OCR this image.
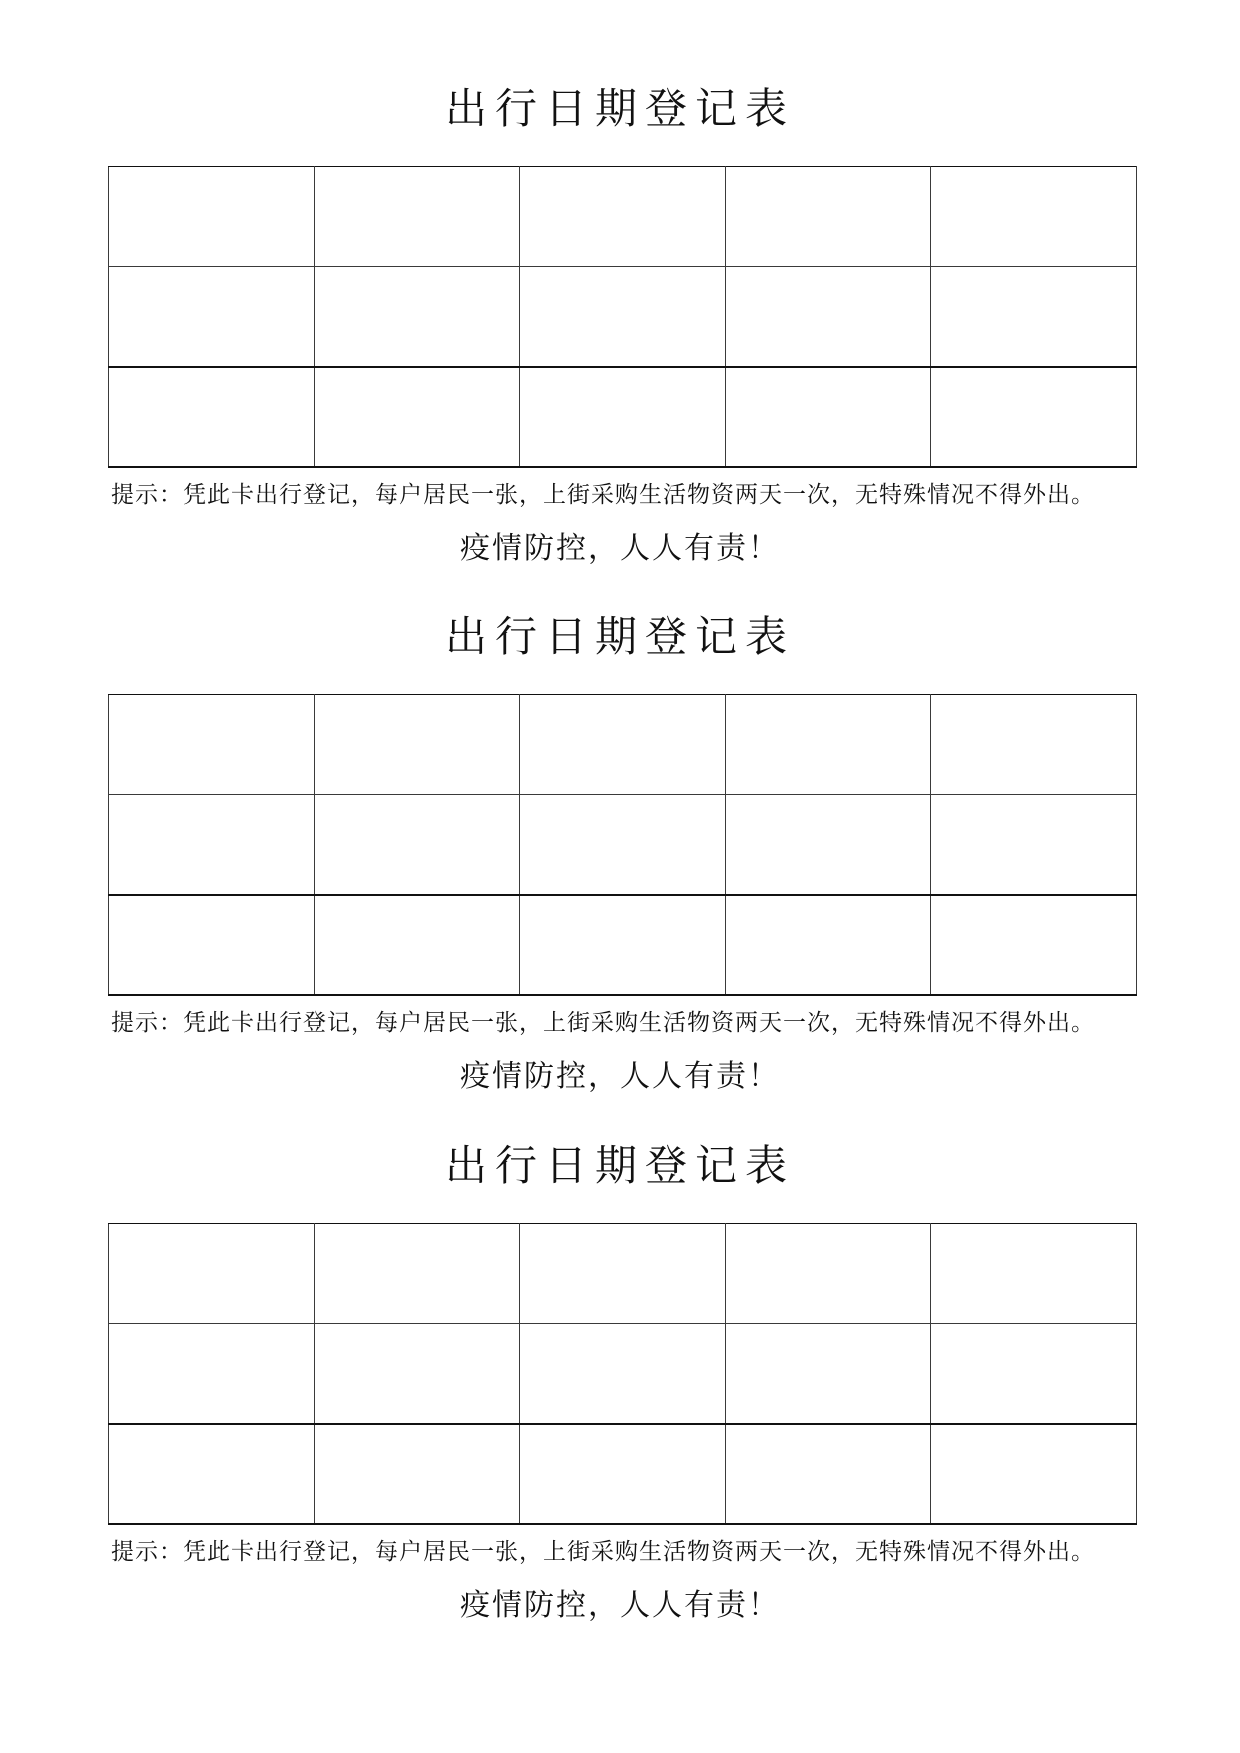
出行日期登记表

提示：凭此卡出行登记，每户居民一张，上街采购生活物资两天一次，无特殊情况不得外出。

疫情防控，人人有责！

出行日期登记表

提示：凭此卡出行登记，每户居民一张，上街采购生活物资两天一次，无特殊情况不得外出。

疫情防控，人人有责！

出行日期登记表

提示：凭此卡出行登记，每户居民一张，上街采购生活物资两天一次，无特殊情况不得外出。

疫情防控，人人有责！
